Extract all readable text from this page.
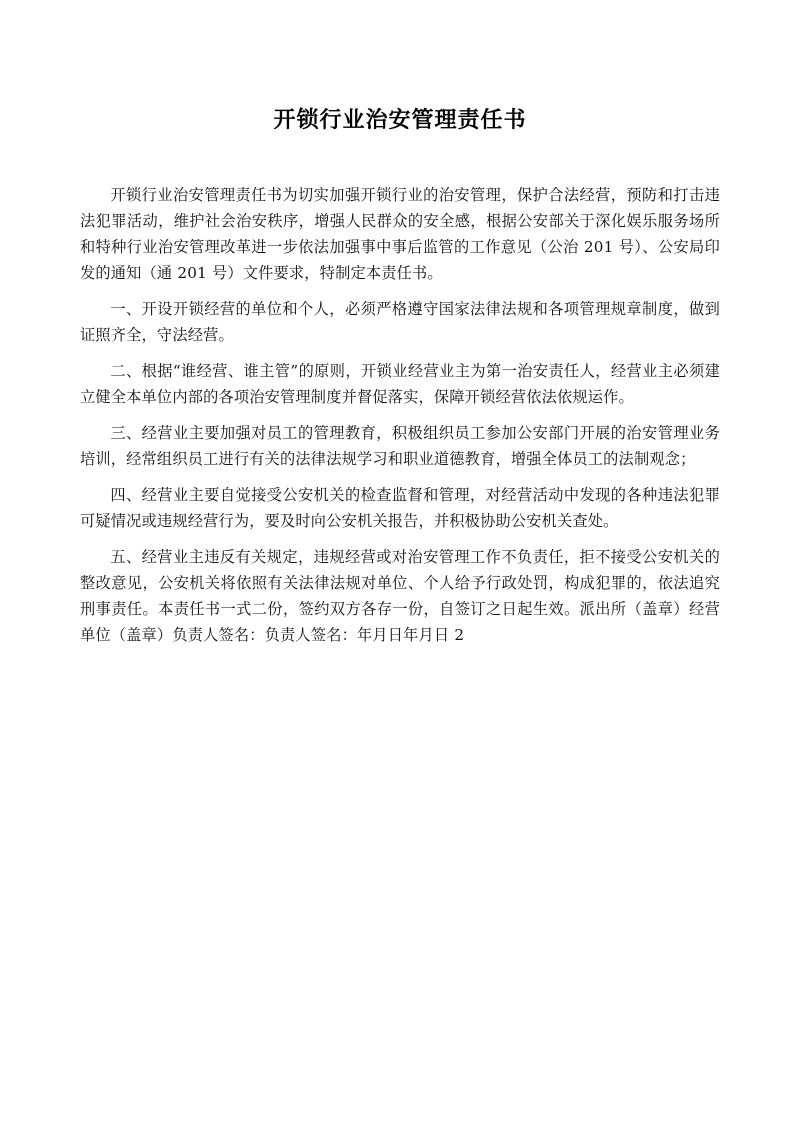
开锁行业治安管理责任书

开锁行业治安管理责任书为切实加强开锁行业的治安管理，保护合法经营，预防和打击违法犯罪活动，维护社会治安秩序，增强人民群众的安全感，根据公安部关于深化娱乐服务场所和特种行业治安管理改革进一步依法加强事中事后监管的工作意见（公治 201 号）、公安局印发的通知（通 201 号）文件要求，特制定本责任书。

一、开设开锁经营的单位和个人，必须严格遵守国家法律法规和各项管理规章制度，做到证照齐全，守法经营。

二、根据“谁经营、谁主管”的原则，开锁业经营业主为第一治安责任人，经营业主必须建立健全本单位内部的各项治安管理制度并督促落实，保障开锁经营依法依规运作。

三、经营业主要加强对员工的管理教育，积极组织员工参加公安部门开展的治安管理业务培训，经常组织员工进行有关的法律法规学习和职业道德教育，增强全体员工的法制观念；

四、经营业主要自觉接受公安机关的检查监督和管理，对经营活动中发现的各种违法犯罪可疑情况或违规经营行为，要及时向公安机关报告，并积极协助公安机关查处。

五、经营业主违反有关规定，违规经营或对治安管理工作不负责任，拒不接受公安机关的整改意见，公安机关将依照有关法律法规对单位、个人给予行政处罚，构成犯罪的，依法追究刑事责任。本责任书一式二份，签约双方各存一份，自签订之日起生效。派出所（盖章）经营单位（盖章）负责人签名：负责人签名：年月日年月日 2
